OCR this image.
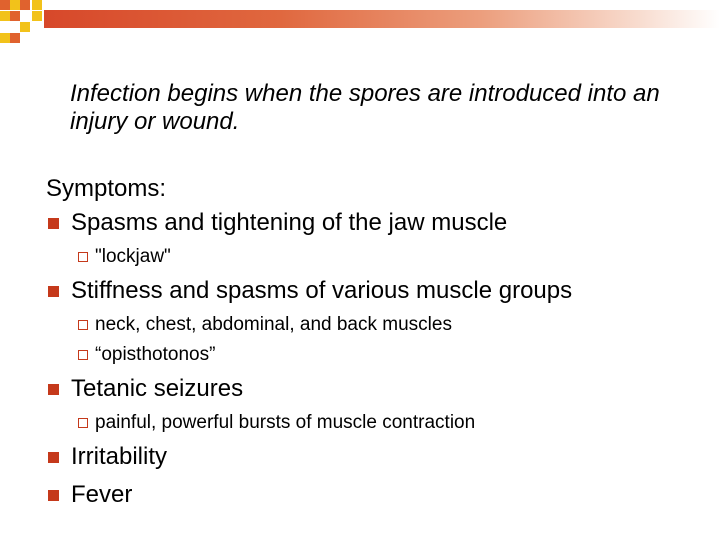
Infection begins when the spores are introduced into an injury or wound.
Symptoms:
Spasms and tightening of the jaw muscle
"lockjaw"
Stiffness and spasms of various muscle groups
neck, chest, abdominal, and back muscles
“opisthotonos”
Tetanic seizures
painful, powerful bursts of muscle contraction
Irritability
Fever
